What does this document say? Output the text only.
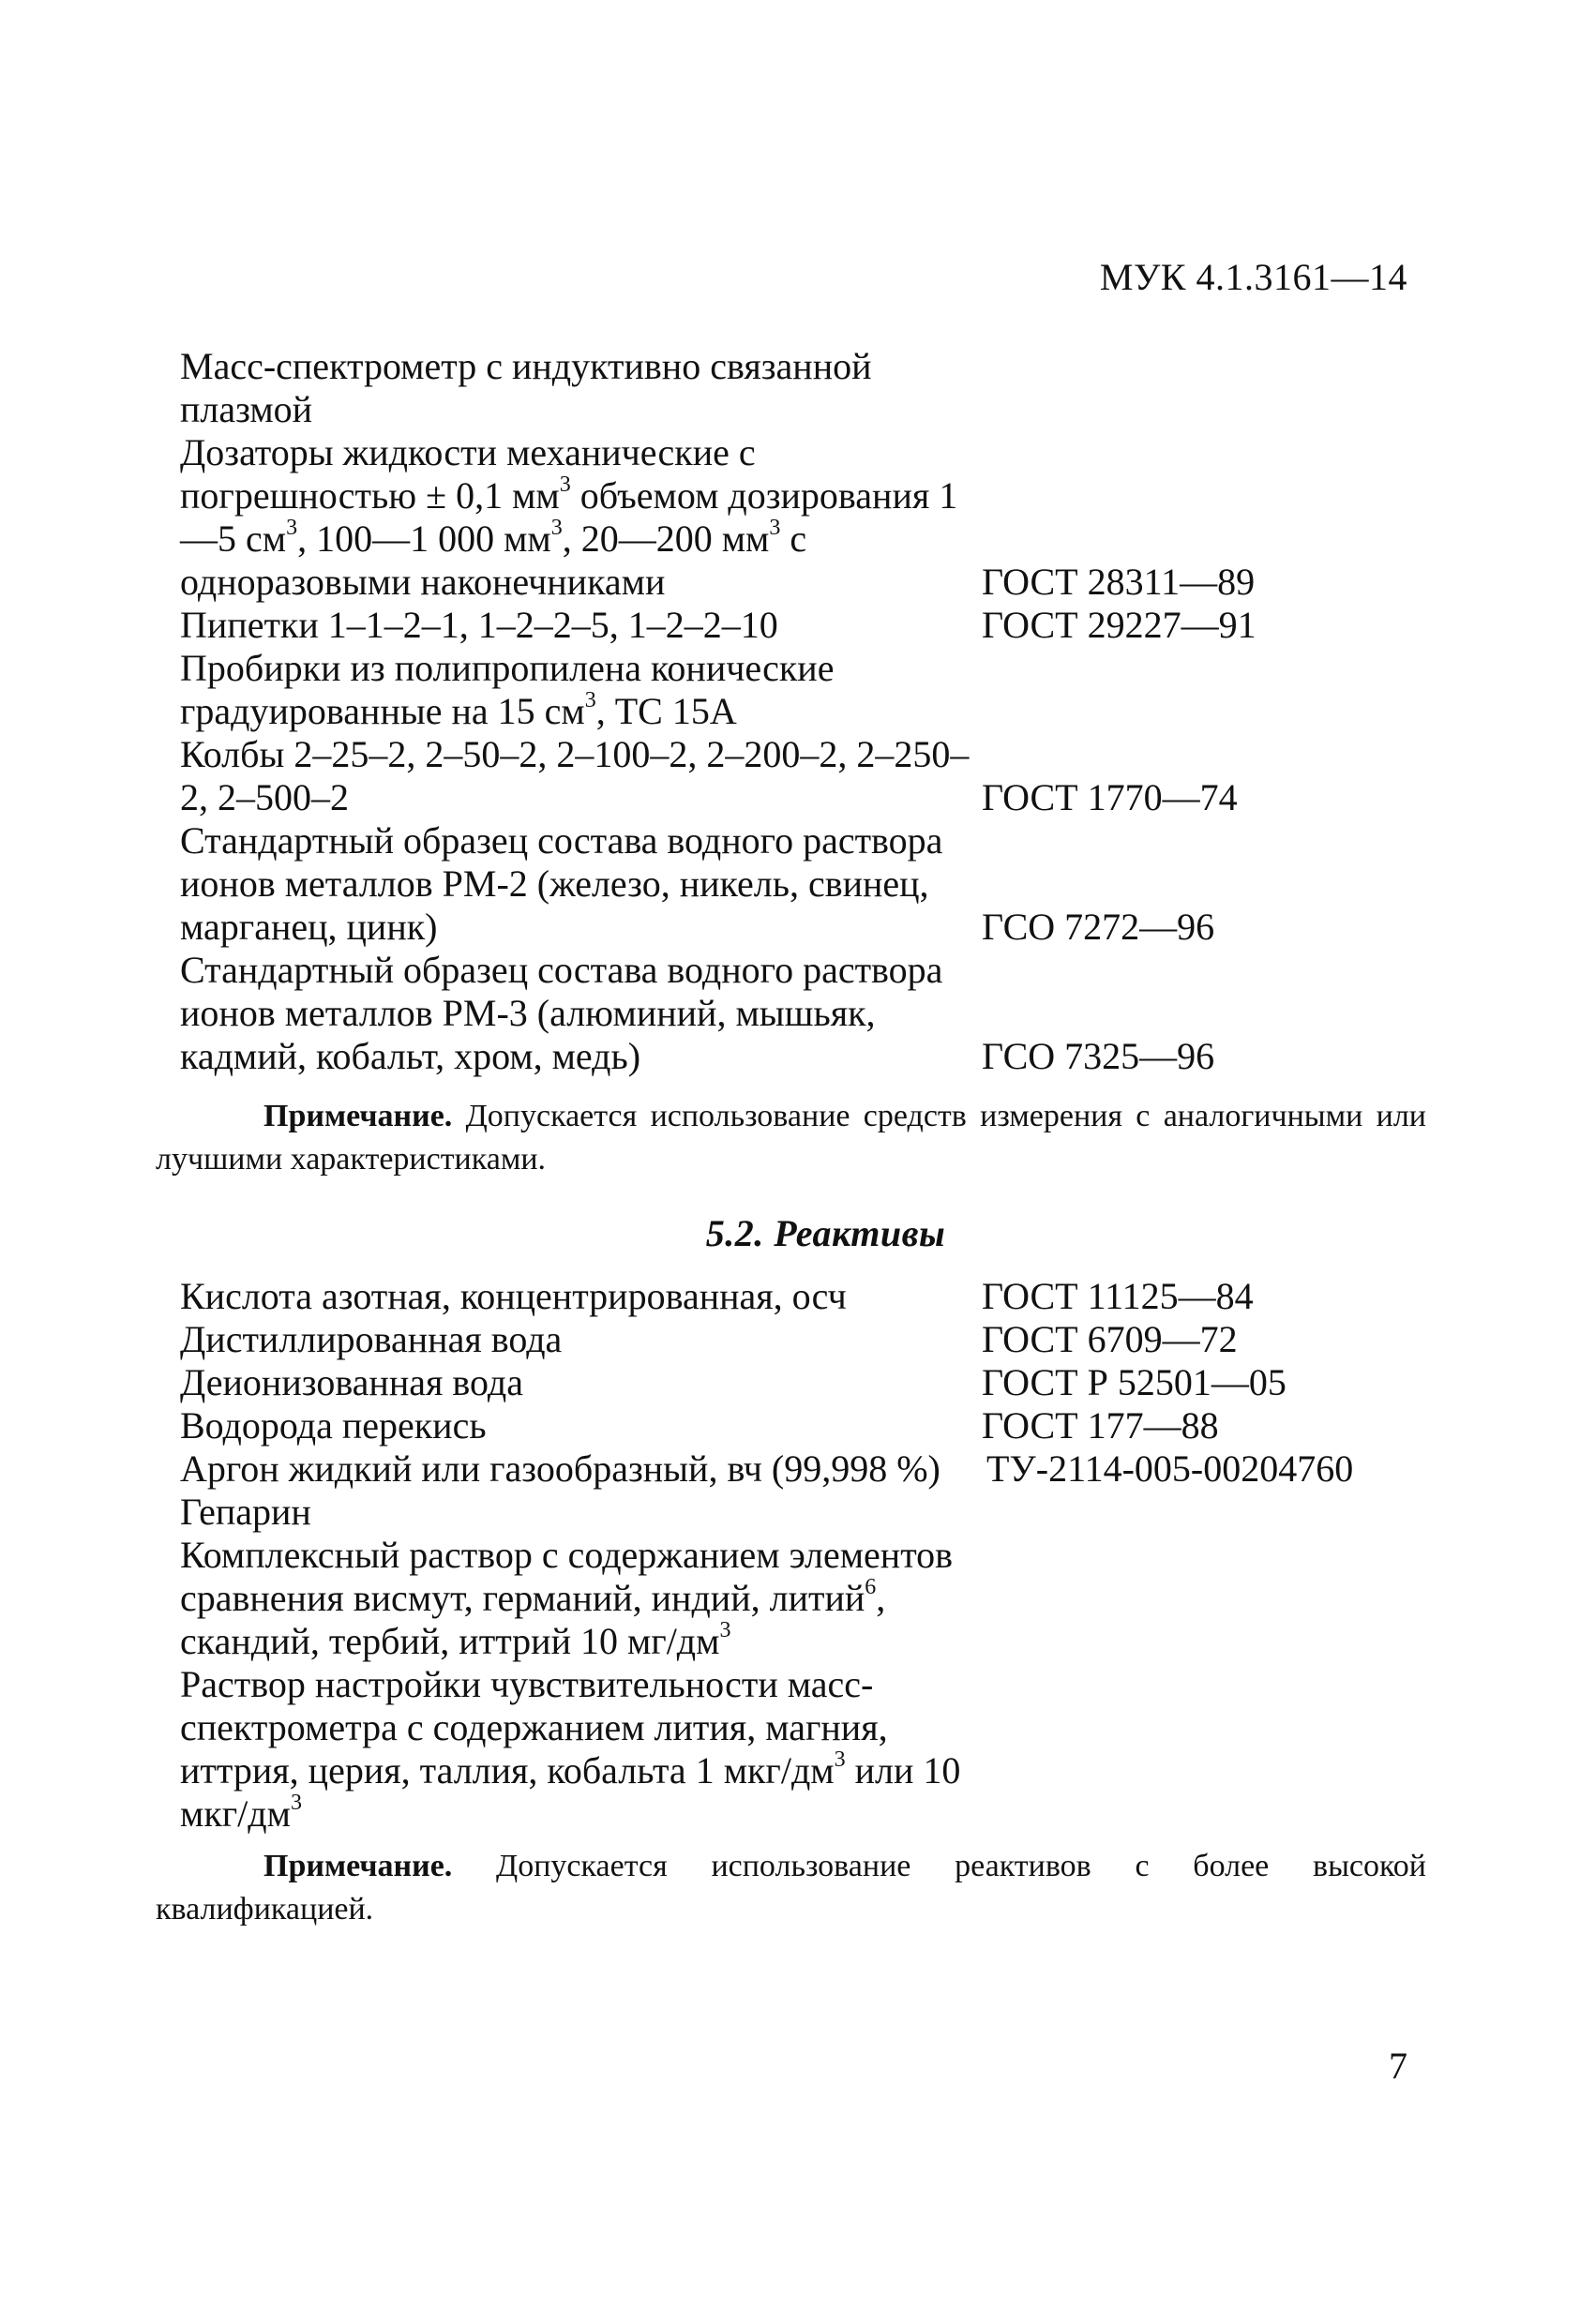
МУК 4.1.3161—14
Масс-спектрометр с индуктивно связанной плазмой
Дозаторы жидкости механические с погрешностью ± 0,1 $мм^3$ объемом дозирования 1—5 $см^3$, 100—1 000 $мм^3$, 20—200 $мм^3$ с одноразовыми наконечниками	ГОСТ 28311—89
Пипетки 1–1–2–1, 1–2–2–5, 1–2–2–10	ГОСТ 29227—91
Пробирки из полипропилена конические градуированные на 15 $см^3$, ТС 15А
Колбы 2–25–2, 2–50–2, 2–100–2, 2–200–2, 2–250–2, 2–500–2	ГОСТ 1770—74
Стандартный образец состава водного раствора ионов металлов РМ-2 (железо, никель, свинец, марганец, цинк)	ГСО 7272—96
Стандартный образец состава водного раствора ионов металлов РМ-3 (алюминий, мышьяк, кадмий, кобальт, хром, медь)	ГСО 7325—96
Примечание. Допускается использование средств измерения с аналогичными или лучшими характеристиками.
5.2. Реактивы
Кислота азотная, концентрированная, осч	ГОСТ 11125—84
Дистиллированная вода	ГОСТ 6709—72
Деионизованная вода	ГОСТ Р 52501—05
Водорода перекись	ГОСТ 177—88
Аргон жидкий или газообразный, вч (99,998 %)	ТУ-2114-005-00204760
Гепарин
Комплексный раствор с содержанием элементов сравнения висмут, германий, индий, литий$^6$, скандий, тербий, иттрий 10 $мг/дм^3$
Раствор настройки чувствительности масс-спектрометра с содержанием лития, магния, иттрия, церия, таллия, кобальта 1 мкг/$дм^3$ или 10 мкг/$дм^3$
Примечание. Допускается использование реактивов с более высокой квалификацией.
7
